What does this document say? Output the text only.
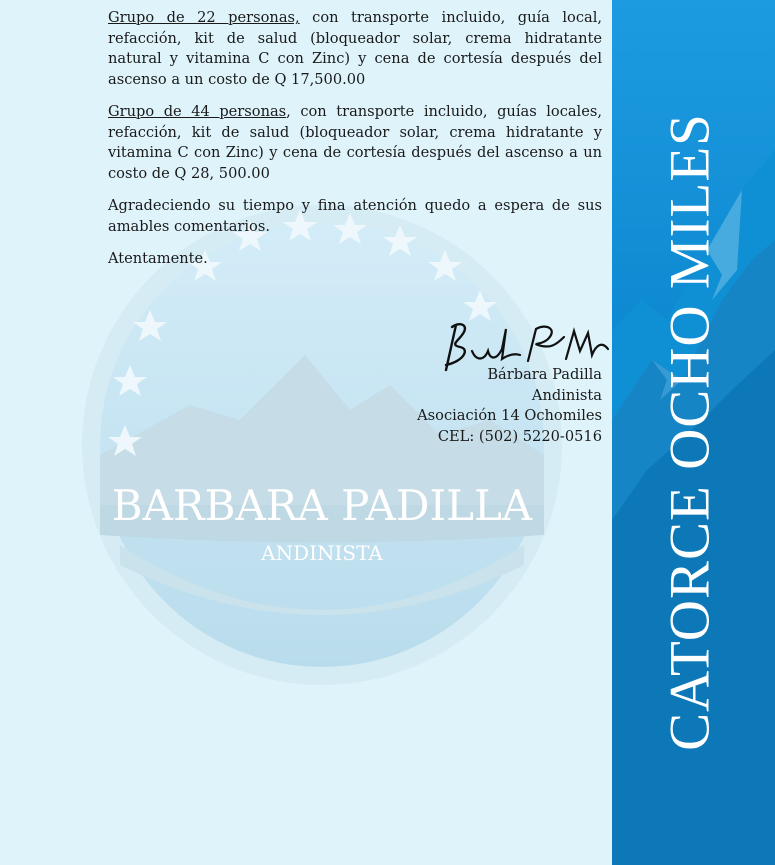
BARBARA PADILLA
ANDINISTA	CATORCE OCHO MILES

Grupo de 22 personas, con transporte incluido, guía local, refacción, kit de salud (bloqueador solar, crema hidratante natural y vitamina C con Zinc) y cena de cortesía después del ascenso a un costo de Q 17,500.00

Grupo de 44 personas, con transporte incluido, guías locales, refacción, kit de salud (bloqueador solar, crema hidratante y vitamina C con Zinc) y cena de cortesía después del ascenso a un costo de Q 28, 500.00

Agradeciendo su tiempo y fina atención quedo a espera de sus amables comentarios.

Atentamente.

Bárbara Padilla
Andinista
Asociación 14 Ochomiles
CEL: (502) 5220-0516
